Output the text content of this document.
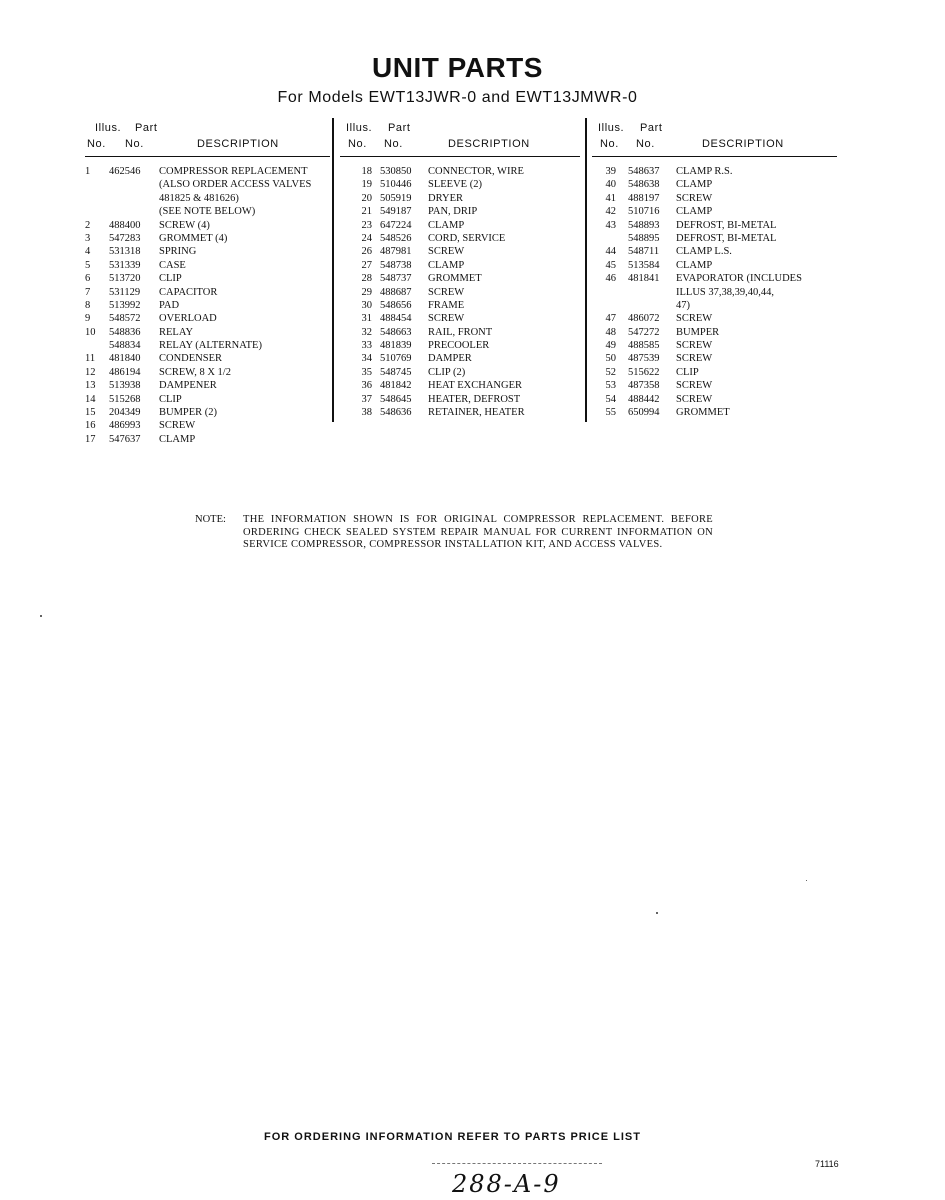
UNIT PARTS
For Models EWT13JWR-0 and EWT13JMWR-0
Illus. Part
No. No.	DESCRIPTION
1	462546 COMPRESSOR REPLACEMENT
(ALSO ORDER ACCESS VALVES
481825 & 481626)
(SEE NOTE BELOW)
2	488400 SCREW (4)
3	547283 GROMMET (4)
4	531318 SPRING
5	531339 CASE
6	513720 CLIP
7	531129 CAPACITOR
8	513992 PAD
9	548572 OVERLOAD
10	548836 RELAY
548834 RELAY (ALTERNATE)
11	481840 CONDENSER
12	486194 SCREW, 8 X 1/2
13	513938 DAMPENER
14	515268 CLIP
15	204349 BUMPER (2)
16	486993 SCREW
17	547637 CLAMP
Illus. Part
No. No.	DESCRIPTION
18 530850 CONNECTOR, WIRE
19 510446 SLEEVE (2)
20 505919 DRYER
21 549187 PAN, DRIP
23 647224 CLAMP
24 548526 CORD, SERVICE
26 487981 SCREW
27 548738 CLAMP
28 548737 GROMMET
29 488687 SCREW
30 548656 FRAME
31 488454 SCREW
32 548663 RAIL, FRONT
33 481839 PRECOOLER
34 510769 DAMPER
35 548745 CLIP (2)
36 481842 HEAT EXCHANGER
37 548645 HEATER, DEFROST
38 548636 RETAINER, HEATER
Illus. Part
No. No.	DESCRIPTION
39 548637 CLAMP R.S.
40 548638 CLAMP
41 488197 SCREW
42 510716 CLAMP
43 548893 DEFROST, BI-METAL
548895 DEFROST, BI-METAL
44 548711 CLAMP L.S.
45 513584 CLAMP
46 481841 EVAPORATOR (INCLUDES
ILLUS 37,38,39,40,44,
47)
47 486072 SCREW
48 547272 BUMPER
49 488585 SCREW
50 487539 SCREW
52 515622 CLIP
53 487358 SCREW
54 488442 SCREW
55 650994 GROMMET
NOTE: THE INFORMATION SHOWN IS FOR ORIGINAL COMPRESSOR REPLACEMENT. BEFORE ORDERING CHECK SEALED SYSTEM REPAIR MANUAL FOR CURRENT INFORMATION ON SERVICE COMPRESSOR, COMPRESSOR INSTALLATION KIT, AND ACCESS VALVES.
FOR ORDERING INFORMATION REFER TO PARTS PRICE LIST
71116
288-A-9
